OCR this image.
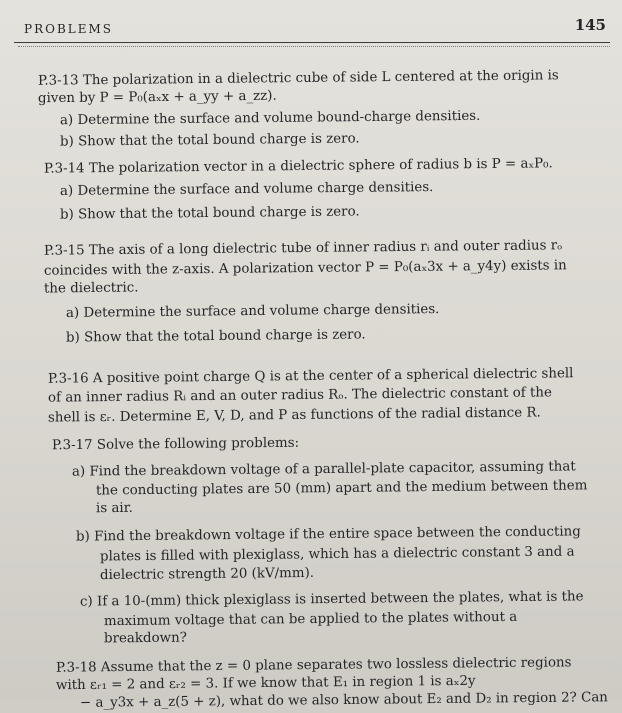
PROBLEMS	145
P.3-13 The polarization in a dielectric cube of side L centered at the origin is
given by P = P₀(aₓx + a_yy + a_zz).
a) Determine the surface and volume bound-charge densities.
b) Show that the total bound charge is zero.
P.3-14 The polarization vector in a dielectric sphere of radius b is P = aₓP₀.
a) Determine the surface and volume charge densities.
b) Show that the total bound charge is zero.
P.3-15 The axis of a long dielectric tube of inner radius rᵢ and outer radius rₒ
coincides with the z-axis. A polarization vector P = P₀(aₓ3x + a_y4y) exists in
the dielectric.
a) Determine the surface and volume charge densities.
b) Show that the total bound charge is zero.
P.3-16 A positive point charge Q is at the center of a spherical dielectric shell
of an inner radius Rᵢ and an outer radius Rₒ. The dielectric constant of the
shell is εᵣ. Determine E, V, D, and P as functions of the radial distance R.
P.3-17 Solve the following problems:
a) Find the breakdown voltage of a parallel-plate capacitor, assuming that
the conducting plates are 50 (mm) apart and the medium between them
is air.
b) Find the breakdown voltage if the entire space between the conducting
plates is filled with plexiglass, which has a dielectric constant 3 and a
dielectric strength 20 (kV/mm).
c) If a 10-(mm) thick plexiglass is inserted between the plates, what is the
maximum voltage that can be applied to the plates without a
breakdown?
P.3-18 Assume that the z = 0 plane separates two lossless dielectric regions
with εᵣ₁ = 2 and εᵣ₂ = 3. If we know that E₁ in region 1 is aₓ2y
− a_y3x + a_z(5 + z), what do we also know about E₂ and D₂ in region 2? Can
